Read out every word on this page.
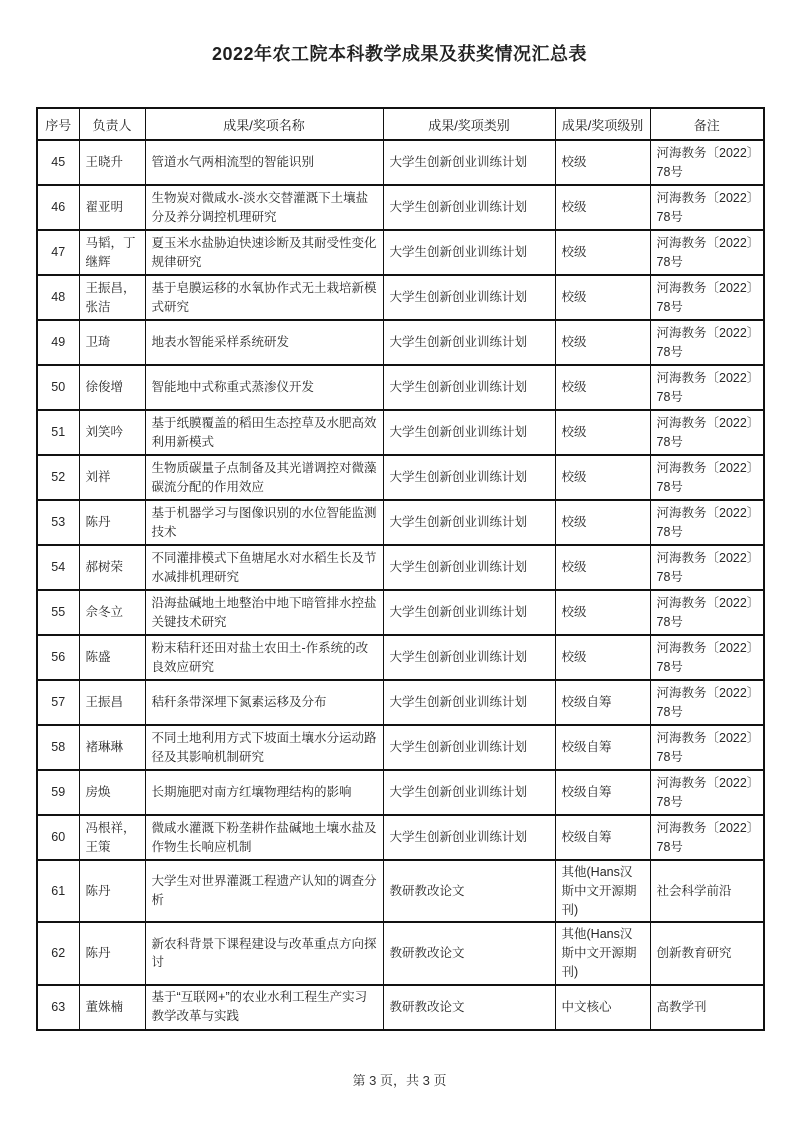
2022年农工院本科教学成果及获奖情况汇总表
序号	负责人	成果/奖项名称	成果/奖项类别	成果/奖项级别	备注
45	王晓升	管道水气两相流型的智能识别	大学生创新创业训练计划	校级	河海教务〔2022〕78号
46	翟亚明	生物炭对微咸水-淡水交替灌溉下土壤盐分及养分调控机理研究	大学生创新创业训练计划	校级	河海教务〔2022〕78号
47	马韬，丁继辉	夏玉米水盐胁迫快速诊断及其耐受性变化规律研究	大学生创新创业训练计划	校级	河海教务〔2022〕78号
48	王振昌，张洁	基于皂膜运移的水氧协作式无土栽培新模式研究	大学生创新创业训练计划	校级	河海教务〔2022〕78号
49	卫琦	地表水智能采样系统研发	大学生创新创业训练计划	校级	河海教务〔2022〕78号
50	徐俊增	智能地中式称重式蒸渗仪开发	大学生创新创业训练计划	校级	河海教务〔2022〕78号
51	刘笑吟	基于纸膜覆盖的稻田生态控草及水肥高效利用新模式	大学生创新创业训练计划	校级	河海教务〔2022〕78号
52	刘祥	生物质碳量子点制备及其光谱调控对微藻碳流分配的作用效应	大学生创新创业训练计划	校级	河海教务〔2022〕78号
53	陈丹	基于机器学习与图像识别的水位智能监测技术	大学生创新创业训练计划	校级	河海教务〔2022〕78号
54	郝树荣	不同灌排模式下鱼塘尾水对水稻生长及节水减排机理研究	大学生创新创业训练计划	校级	河海教务〔2022〕78号
55	佘冬立	沿海盐碱地土地整治中地下暗管排水控盐关键技术研究	大学生创新创业训练计划	校级	河海教务〔2022〕78号
56	陈盛	粉末秸秆还田对盐土农田土-作系统的改良效应研究	大学生创新创业训练计划	校级	河海教务〔2022〕78号
57	王振昌	秸秆条带深埋下氮素运移及分布	大学生创新创业训练计划	校级自筹	河海教务〔2022〕78号
58	褚琳琳	不同土地利用方式下坡面土壤水分运动路径及其影响机制研究	大学生创新创业训练计划	校级自筹	河海教务〔2022〕78号
59	房焕	长期施肥对南方红壤物理结构的影响	大学生创新创业训练计划	校级自筹	河海教务〔2022〕78号
60	冯根祥，王策	微咸水灌溉下粉垄耕作盐碱地土壤水盐及作物生长响应机制	大学生创新创业训练计划	校级自筹	河海教务〔2022〕78号
61	陈丹	大学生对世界灌溉工程遗产认知的调查分析	教研教改论文	其他(Hans汉斯中文开源期刊)	社会科学前沿
62	陈丹	新农科背景下课程建设与改革重点方向探讨	教研教改论文	其他(Hans汉斯中文开源期刊)	创新教育研究
63	董姝楠	基于“互联网+”的农业水利工程生产实习教学改革与实践	教研教改论文	中文核心	高教学刊
第 3 页，共 3 页
